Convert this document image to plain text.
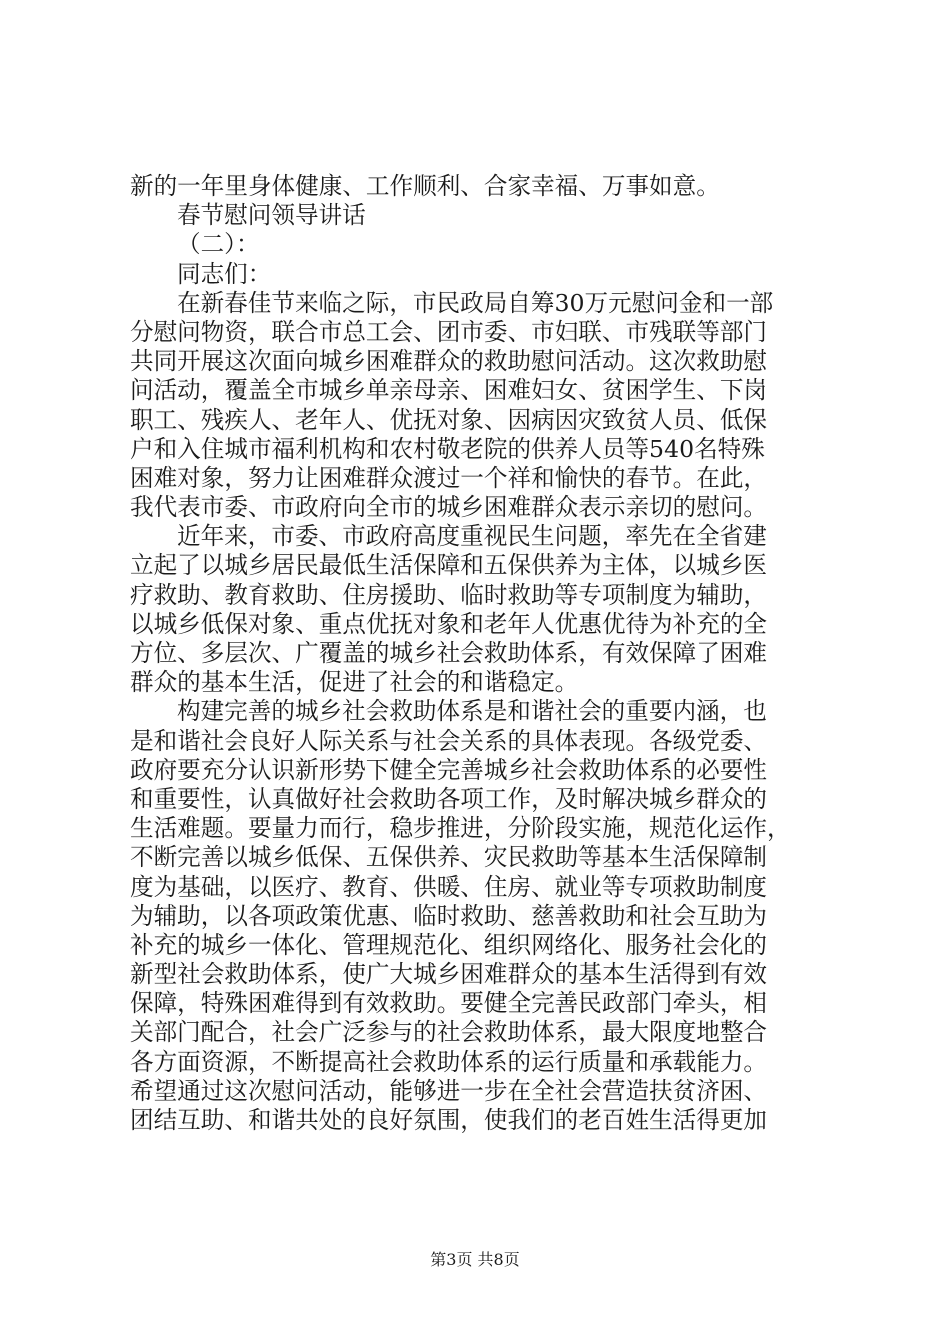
新的一年里身体健康、工作顺利、合家幸福、万事如意。
春节慰问领导讲话
（二）：
同志们：
在新春佳节来临之际，市民政局自筹30万元慰问金和一部
分慰问物资，联合市总工会、团市委、市妇联、市残联等部门
共同开展这次面向城乡困难群众的救助慰问活动。这次救助慰
问活动，覆盖全市城乡单亲母亲、困难妇女、贫困学生、下岗
职工、残疾人、老年人、优抚对象、因病因灾致贫人员、低保
户和入住城市福利机构和农村敬老院的供养人员等540名特殊
困难对象，努力让困难群众渡过一个祥和愉快的春节。在此，
我代表市委、市政府向全市的城乡困难群众表示亲切的慰问。
近年来，市委、市政府高度重视民生问题，率先在全省建
立起了以城乡居民最低生活保障和五保供养为主体，以城乡医
疗救助、教育救助、住房援助、临时救助等专项制度为辅助，
以城乡低保对象、重点优抚对象和老年人优惠优待为补充的全
方位、多层次、广覆盖的城乡社会救助体系，有效保障了困难
群众的基本生活，促进了社会的和谐稳定。
构建完善的城乡社会救助体系是和谐社会的重要内涵，也
是和谐社会良好人际关系与社会关系的具体表现。各级党委、
政府要充分认识新形势下健全完善城乡社会救助体系的必要性
和重要性，认真做好社会救助各项工作，及时解决城乡群众的
生活难题。要量力而行，稳步推进，分阶段实施，规范化运作，
不断完善以城乡低保、五保供养、灾民救助等基本生活保障制
度为基础，以医疗、教育、供暖、住房、就业等专项救助制度
为辅助，以各项政策优惠、临时救助、慈善救助和社会互助为
补充的城乡一体化、管理规范化、组织网络化、服务社会化的
新型社会救助体系，使广大城乡困难群众的基本生活得到有效
保障，特殊困难得到有效救助。要健全完善民政部门牵头，相
关部门配合，社会广泛参与的社会救助体系，最大限度地整合
各方面资源，不断提高社会救助体系的运行质量和承载能力。
希望通过这次慰问活动，能够进一步在全社会营造扶贫济困、
团结互助、和谐共处的良好氛围，使我们的老百姓生活得更加
第3页 共8页
